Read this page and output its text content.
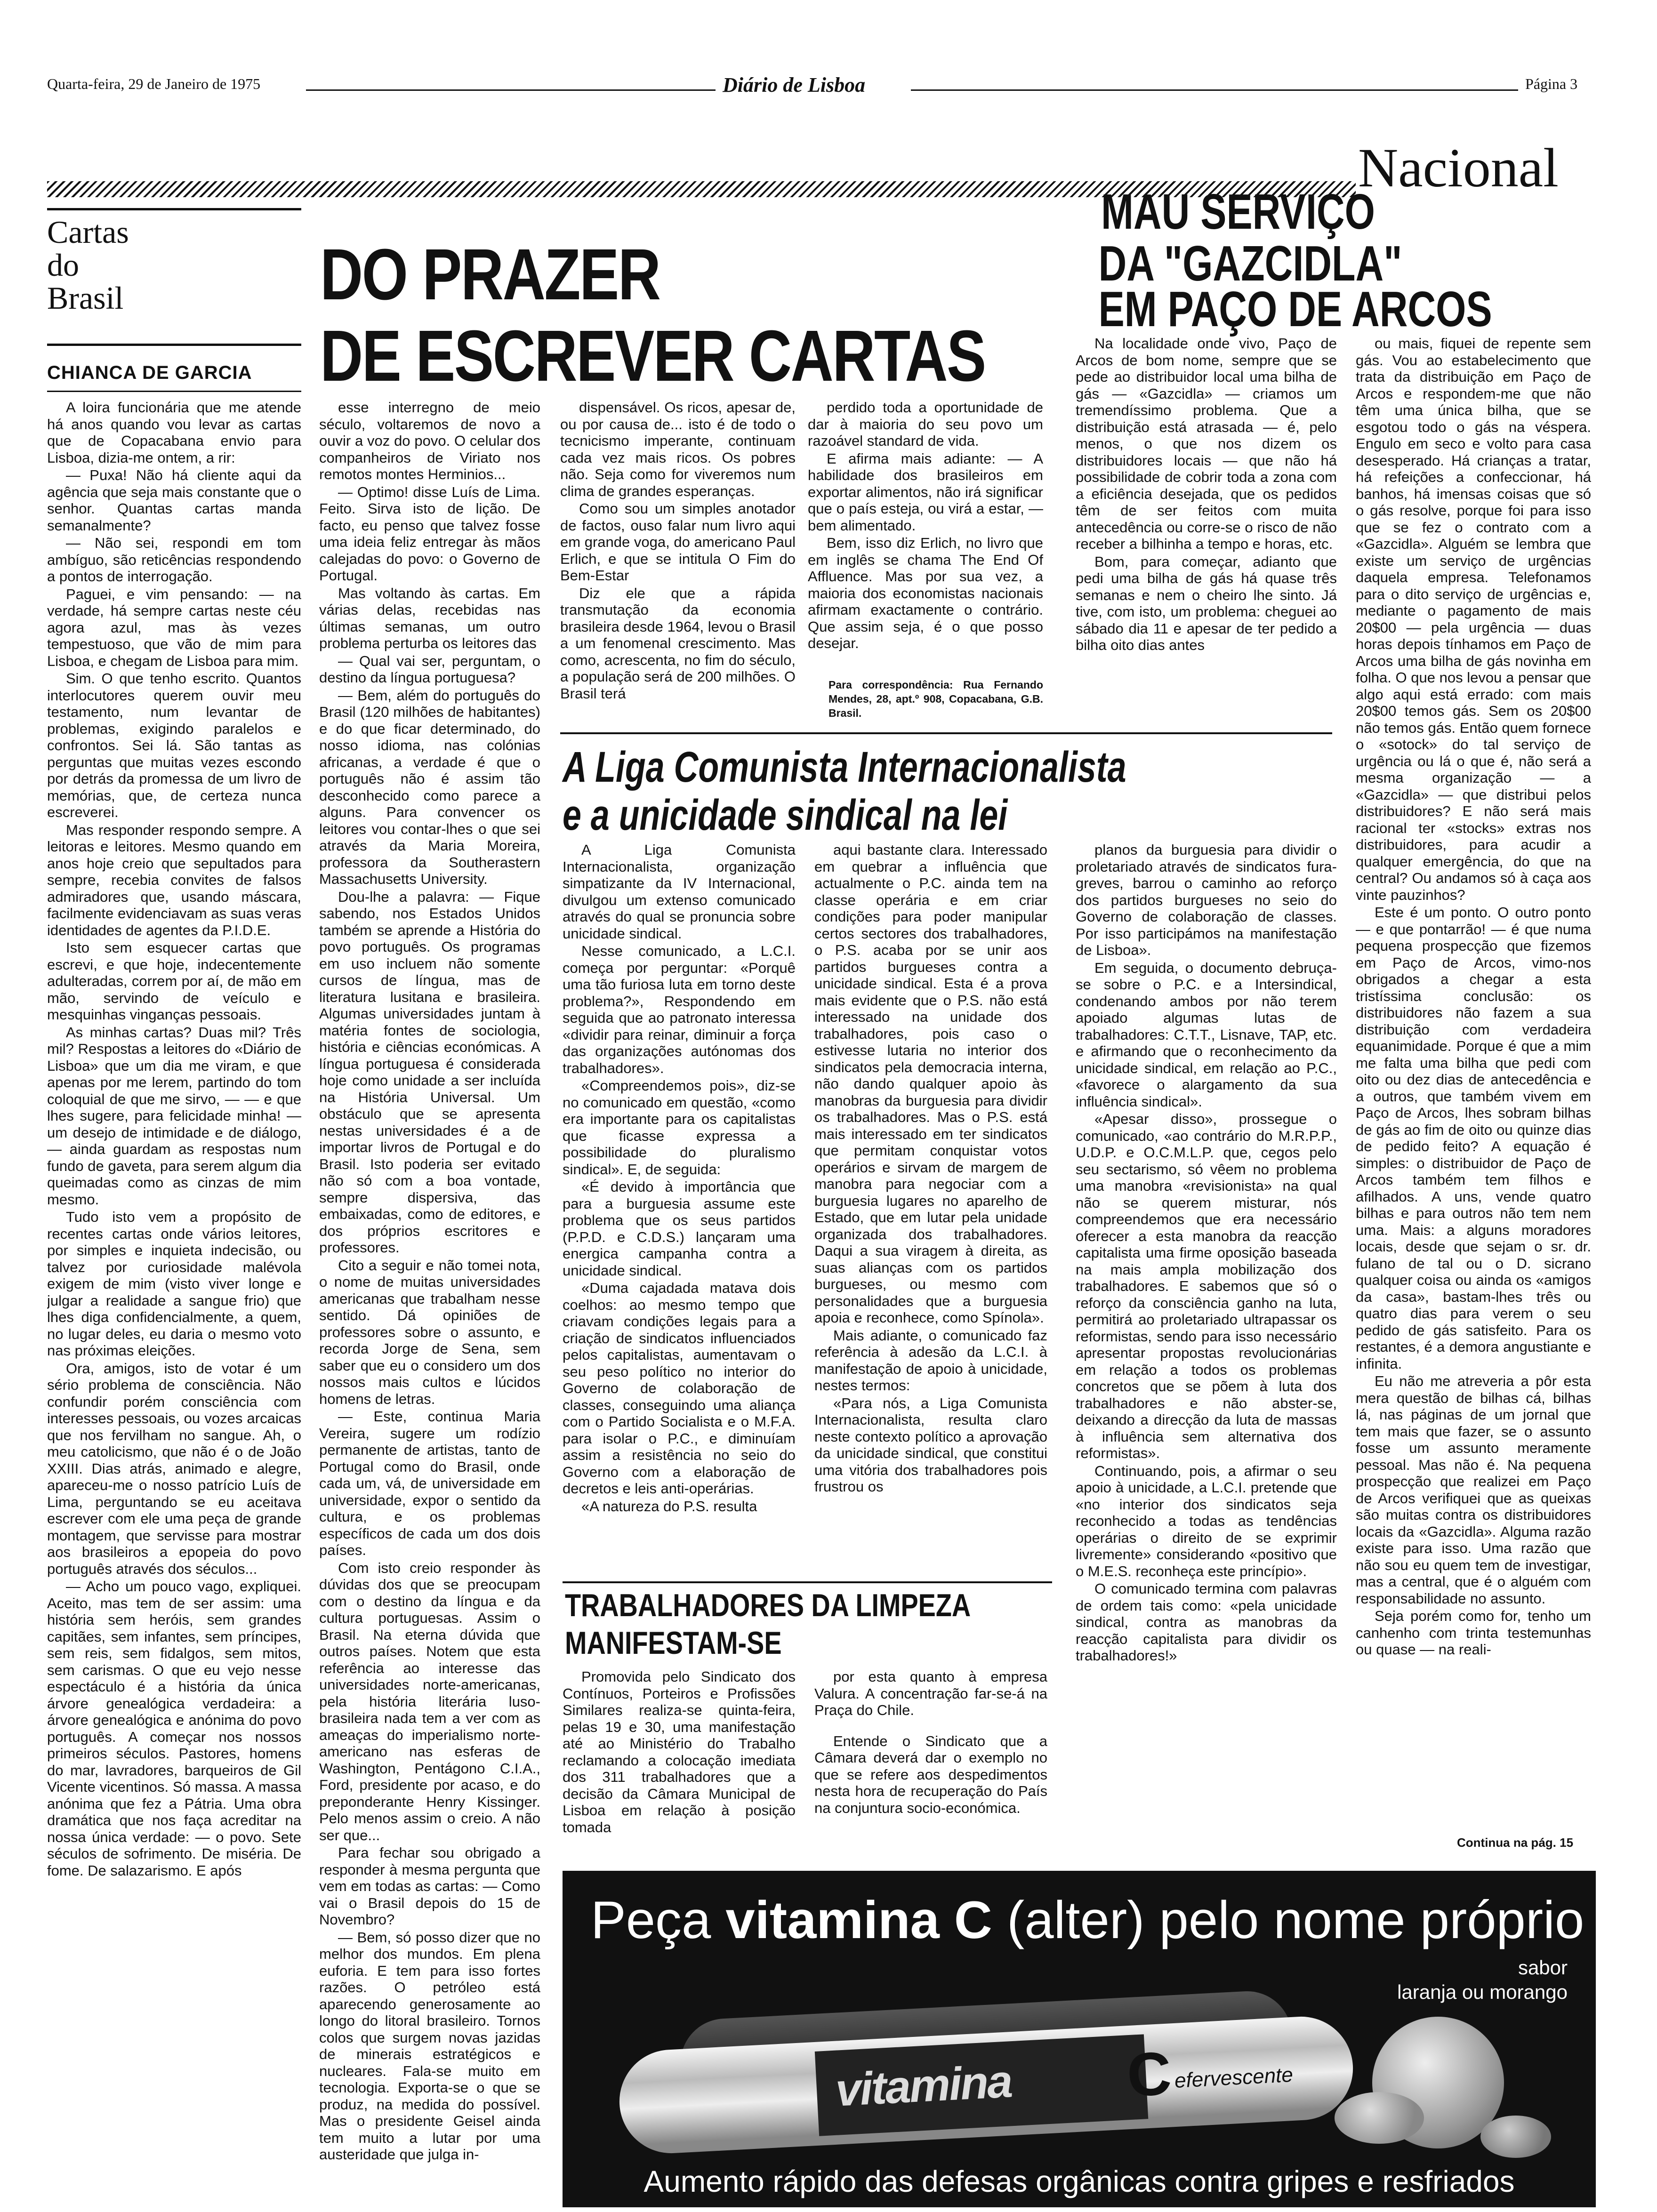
Quarta-feira, 29 de Janeiro de 1975	Diário de Lisboa	Página 3
Nacional
Cartas
do
Brasil
CHIANCA DE GARCIA
DO PRAZER
DE ESCREVER CARTAS

A loira funcionária que me atende há anos quando vou levar as cartas que de Copacabana envio para Lisboa, dizia-me ontem, a rir:

— Puxa! Não há cliente aqui da agência que seja mais constante que o senhor. Quantas cartas manda semanalmente?

— Não sei, respondi em tom ambíguo, são reticências respondendo a pontos de interrogação.

Paguei, e vim pensando: — na verdade, há sempre cartas neste céu agora azul, mas às vezes tempestuoso, que vão de mim para Lisboa, e chegam de Lisboa para mim.

Sim. O que tenho escrito. Quantos interlocutores querem ouvir meu testamento, num levantar de problemas, exigindo paralelos e confrontos. Sei lá. São tantas as perguntas que muitas vezes escondo por detrás da promessa de um livro de memórias, que, de certeza nunca escreverei.

Mas responder respondo sempre. A leitoras e leitores. Mesmo quando em anos hoje creio que sepultados para sempre, recebia convites de falsos admiradores que, usando máscara, facilmente evidenciavam as suas veras identidades de agentes da P.I.D.E.

Isto sem esquecer cartas que escrevi, e que hoje, indecentemente adulteradas, correm por aí, de mão em mão, servindo de veículo e mesquinhas vinganças pessoais.

As minhas cartas? Duas mil? Três mil? Respostas a leitores do «Diário de Lisboa» que um dia me viram, e que apenas por me lerem, partindo do tom coloquial de que me sirvo, — — e que lhes sugere, para felicidade minha! — um desejo de intimidade e de diálogo, — ainda guardam as respostas num fundo de gaveta, para serem algum dia queimadas como as cinzas de mim mesmo.

Tudo isto vem a propósito de recentes cartas onde vários leitores, por simples e inquieta indecisão, ou talvez por curiosidade malévola exigem de mim (visto viver longe e julgar a realidade a sangue frio) que lhes diga confidencialmente, a quem, no lugar deles, eu daria o mesmo voto nas próximas eleições.

Ora, amigos, isto de votar é um sério problema de consciência. Não confundir porém consciência com interesses pessoais, ou vozes arcaicas que nos fervilham no sangue. Ah, o meu catolicismo, que não é o de João XXIII. Dias atrás, animado e alegre, apareceu-me o nosso patrício Luís de Lima, perguntando se eu aceitava escrever com ele uma peça de grande montagem, que servisse para mostrar aos brasileiros a epopeia do povo português através dos séculos...

— Acho um pouco vago, expliquei. Aceito, mas tem de ser assim: uma história sem heróis, sem grandes capitães, sem infantes, sem príncipes, sem reis, sem fidalgos, sem mitos, sem carismas. O que eu vejo nesse espectáculo é a história da única árvore genealógica verdadeira: a árvore genealógica e anónima do povo português. A começar nos nossos primeiros séculos. Pastores, homens do mar, lavradores, barqueiros de Gil Vicente vicentinos. Só massa. A massa anónima que fez a Pátria. Uma obra dramática que nos faça acreditar na nossa única verdade: — o povo. Sete séculos de sofrimento. De miséria. De fome. De salazarismo. E após

esse interregno de meio século, voltaremos de novo a ouvir a voz do povo. O celular dos companheiros de Viriato nos remotos montes Herminios...

— Optimo! disse Luís de Lima. Feito. Sirva isto de lição. De facto, eu penso que talvez fosse uma ideia feliz entregar às mãos calejadas do povo: o Governo de Portugal.

Mas voltando às cartas. Em várias delas, recebidas nas últimas semanas, um outro problema perturba os leitores das

— Qual vai ser, perguntam, o destino da língua portuguesa?

— Bem, além do português do Brasil (120 milhões de habitantes) e do que ficar determinado, do nosso idioma, nas colónias africanas, a verdade é que o português não é assim tão desconhecido como parece a alguns. Para convencer os leitores vou contar-lhes o que sei através da Maria Moreira, professora da Southerastern Massachusetts University.

Dou-lhe a palavra: — Fique sabendo, nos Estados Unidos também se aprende a História do povo português. Os programas em uso incluem não somente cursos de língua, mas de literatura lusitana e brasileira. Algumas universidades juntam à matéria fontes de sociologia, história e ciências económicas. A língua portuguesa é considerada hoje como unidade a ser incluída na História Universal. Um obstáculo que se apresenta nestas universidades é a de importar livros de Portugal e do Brasil. Isto poderia ser evitado não só com a boa vontade, sempre dispersiva, das embaixadas, como de editores, e dos próprios escritores e professores.

Cito a seguir e não tomei nota, o nome de muitas universidades americanas que trabalham nesse sentido. Dá opiniões de professores sobre o assunto, e recorda Jorge de Sena, sem saber que eu o considero um dos nossos mais cultos e lúcidos homens de letras.

— Este, continua Maria Vereira, sugere um rodízio permanente de artistas, tanto de Portugal como do Brasil, onde cada um, vá, de universidade em universidade, expor o sentido da cultura, e os problemas específicos de cada um dos dois países.

Com isto creio responder às dúvidas dos que se preocupam com o destino da língua e da cultura portuguesas. Assim o Brasil. Na eterna dúvida que outros países. Notem que esta referência ao interesse das universidades norte-americanas, pela história literária luso-brasileira nada tem a ver com as ameaças do imperialismo norte-americano nas esferas de Washington, Pentágono C.I.A., Ford, presidente por acaso, e do preponderante Henry Kissinger. Pelo menos assim o creio. A não ser que...

Para fechar sou obrigado a responder à mesma pergunta que vem em todas as cartas: — Como vai o Brasil depois do 15 de Novembro?

— Bem, só posso dizer que no melhor dos mundos. Em plena euforia. E tem para isso fortes razões. O petróleo está aparecendo generosamente ao longo do litoral brasileiro. Tornos colos que surgem novas jazidas de minerais estratégicos e nucleares. Fala-se muito em tecnologia. Exporta-se o que se produz, na medida do possível. Mas o presidente Geisel ainda tem muito a lutar por uma austeridade que julga in-

dispensável. Os ricos, apesar de, ou por causa de... isto é de todo o tecnicismo imperante, continuam cada vez mais ricos. Os pobres não. Seja como for viveremos num clima de grandes esperanças.

Como sou um simples anotador de factos, ouso falar num livro aqui em grande voga, do americano Paul Erlich, e que se intitula O Fim do Bem-Estar

Diz ele que a rápida transmutação da economia brasileira desde 1964, levou o Brasil a um fenomenal crescimento. Mas como, acrescenta, no fim do século, a população será de 200 milhões. O Brasil terá

perdido toda a oportunidade de dar à maioria do seu povo um razoável standard de vida.

E afirma mais adiante: — A habilidade dos brasileiros em exportar alimentos, não irá significar que o país esteja, ou virá a estar, — bem alimentado.

Bem, isso diz Erlich, no livro que em inglês se chama The End Of Affluence. Mas por sua vez, a maioria dos economistas nacionais afirmam exactamente o contrário. Que assim seja, é o que posso desejar.

Para correspondência: Rua Fernando Mendes, 28, apt.º 908, Copacabana, G.B. Brasil.
MAU SERVIÇO
DA "GAZCIDLA"
EM PAÇO DE ARCOS

Na localidade onde vivo, Paço de Arcos de bom nome, sempre que se pede ao distribuidor local uma bilha de gás — «Gazcidla» — criamos um tremendíssimo problema. Que a distribuição está atrasada — é, pelo menos, o que nos dizem os distribuidores locais — que não há possibilidade de cobrir toda a zona com a eficiência desejada, que os pedidos têm de ser feitos com muita antecedência ou corre-se o risco de não receber a bilhinha a tempo e horas, etc.

Bom, para começar, adianto que pedi uma bilha de gás há quase três semanas e nem o cheiro lhe sinto. Já tive, com isto, um problema: cheguei ao sábado dia 11 e apesar de ter pedido a bilha oito dias antes

ou mais, fiquei de repente sem gás. Vou ao estabelecimento que trata da distribuição em Paço de Arcos e respondem-me que não têm uma única bilha, que se esgotou todo o gás na véspera. Engulo em seco e volto para casa desesperado. Há crianças a tratar, há refeições a confeccionar, há banhos, há imensas coisas que só o gás resolve, porque foi para isso que se fez o contrato com a «Gazcidla». Alguém se lembra que existe um serviço de urgências daquela empresa. Telefonamos para o dito serviço de urgências e, mediante o pagamento de mais 20$00 — pela urgência — duas horas depois tínhamos em Paço de Arcos uma bilha de gás novinha em folha. O que nos levou a pensar que algo aqui está errado: com mais 20$00 temos gás. Sem os 20$00 não temos gás. Então quem fornece o «sotock» do tal serviço de urgência ou lá o que é, não será a mesma organização — a «Gazcidla» — que distribui pelos distribuidores? E não será mais racional ter «stocks» extras nos distribuidores, para acudir a qualquer emergência, do que na central? Ou andamos só à caça aos vinte pauzinhos?

Este é um ponto. O outro ponto — e que pontarrão! — é que numa pequena prospecção que fizemos em Paço de Arcos, vimo-nos obrigados a chegar a esta tristíssima conclusão: os distribuidores não fazem a sua distribuição com verdadeira equanimidade. Porque é que a mim me falta uma bilha que pedi com oito ou dez dias de antecedência e a outros, que também vivem em Paço de Arcos, lhes sobram bilhas de gás ao fim de oito ou quinze dias de pedido feito? A equação é simples: o distribuidor de Paço de Arcos também tem filhos e afilhados. A uns, vende quatro bilhas e para outros não tem nem uma. Mais: a alguns moradores locais, desde que sejam o sr. dr. fulano de tal ou o D. sicrano qualquer coisa ou ainda os «amigos da casa», bastam-lhes três ou quatro dias para verem o seu pedido de gás satisfeito. Para os restantes, é a demora angustiante e infinita.

Eu não me atreveria a pôr esta mera questão de bilhas cá, bilhas lá, nas páginas de um jornal que tem mais que fazer, se o assunto fosse um assunto meramente pessoal. Mas não é. Na pequena prospecção que realizei em Paço de Arcos verifiquei que as queixas são muitas contra os distribuidores locais da «Gazcidla». Alguma razão existe para isso. Uma razão que não sou eu quem tem de investigar, mas a central, que é o alguém com responsabilidade no assunto.

Seja porém como for, tenho um canhenho com trinta testemunhas ou quase — na reali-

Continua na pág. 15
A Liga Comunista Internacionalista
e a unicidade sindical na lei

A Liga Comunista Internacionalista, organização simpatizante da IV Internacional, divulgou um extenso comunicado através do qual se pronuncia sobre unicidade sindical.

Nesse comunicado, a L.C.I. começa por perguntar: «Porquê uma tão furiosa luta em torno deste problema?», Respondendo em seguida que ao patronato interessa «dividir para reinar, diminuir a força das organizações autónomas dos trabalhadores».

«Compreendemos pois», diz-se no comunicado em questão, «como era importante para os capitalistas que ficasse expressa a possibilidade do pluralismo sindical». E, de seguida:

«É devido à importância que para a burguesia assume este problema que os seus partidos (P.P.D. e C.D.S.) lançaram uma energica campanha contra a unicidade sindical.

«Duma cajadada matava dois coelhos: ao mesmo tempo que criavam condições legais para a criação de sindicatos influenciados pelos capitalistas, aumentavam o seu peso político no interior do Governo de colaboração de classes, conseguindo uma aliança com o Partido Socialista e o M.F.A. para isolar o P.C., e diminuíam assim a resistência no seio do Governo com a elaboração de decretos e leis anti-operárias.

«A natureza do P.S. resulta

aqui bastante clara. Interessado em quebrar a influência que actualmente o P.C. ainda tem na classe operária e em criar condições para poder manipular certos sectores dos trabalhadores, o P.S. acaba por se unir aos partidos burgueses contra a unicidade sindical. Esta é a prova mais evidente que o P.S. não está interessado na unidade dos trabalhadores, pois caso o estivesse lutaria no interior dos sindicatos pela democracia interna, não dando qualquer apoio às manobras da burguesia para dividir os trabalhadores. Mas o P.S. está mais interessado em ter sindicatos que permitam conquistar votos operários e sirvam de margem de manobra para negociar com a burguesia lugares no aparelho de Estado, que em lutar pela unidade organizada dos trabalhadores. Daqui a sua viragem à direita, as suas alianças com os partidos burgueses, ou mesmo com personalidades que a burguesia apoia e reconhece, como Spínola».

Mais adiante, o comunicado faz referência à adesão da L.C.I. à manifestação de apoio à unicidade, nestes termos:

«Para nós, a Liga Comunista Internacionalista, resulta claro neste contexto político a aprovação da unicidade sindical, que constitui uma vitória dos trabalhadores pois frustrou os

planos da burguesia para dividir o proletariado através de sindicatos fura-greves, barrou o caminho ao reforço dos partidos burgueses no seio do Governo de colaboração de classes. Por isso participámos na manifestação de Lisboa».

Em seguida, o documento debruça-se sobre o P.C. e a Intersindical, condenando ambos por não terem apoiado algumas lutas de trabalhadores: C.T.T., Lisnave, TAP, etc. e afirmando que o reconhecimento da unicidade sindical, em relação ao P.C., «favorece o alargamento da sua influência sindical».

«Apesar disso», prossegue o comunicado, «ao contrário do M.R.P.P., U.D.P. e O.C.M.L.P. que, cegos pelo seu sectarismo, só vêem no problema uma manobra «revisionista» na qual não se querem misturar, nós compreendemos que era necessário oferecer a esta manobra da reacção capitalista uma firme oposição baseada na mais ampla mobilização dos trabalhadores. E sabemos que só o reforço da consciência ganho na luta, permitirá ao proletariado ultrapassar os reformistas, sendo para isso necessário apresentar propostas revolucionárias em relação a todos os problemas concretos que se põem à luta dos trabalhadores e não abster-se, deixando a direcção da luta de massas à influência sem alternativa dos reformistas».

Continuando, pois, a afirmar o seu apoio à unicidade, a L.C.I. pretende que «no interior dos sindicatos seja reconhecido a todas as tendências operárias o direito de se exprimir livremente» considerando «positivo que o M.E.S. reconheça este princípio».

O comunicado termina com palavras de ordem tais como: «pela unicidade sindical, contra as manobras da reacção capitalista para dividir os trabalhadores!»

TRABALHADORES DA LIMPEZA
MANIFESTAM-SE

Promovida pelo Sindicato dos Contínuos, Porteiros e Profissões Similares realiza-se quinta-feira, pelas 19 e 30, uma manifestação até ao Ministério do Trabalho reclamando a colocação imediata dos 311 trabalhadores que a decisão da Câmara Municipal de Lisboa em relação à posição tomada

por esta quanto à empresa Valura. A concentração far-se-á na Praça do Chile.

Entende o Sindicato que a Câmara deverá dar o exemplo no que se refere aos despedimentos nesta hora de recuperação do País na conjuntura socio-económica.

Peça vitamina C (alter) pelo nome próprio
sabor
laranja ou morango
vitamina C efervescente
Aumento rápido das defesas orgânicas contra gripes e resfriados
